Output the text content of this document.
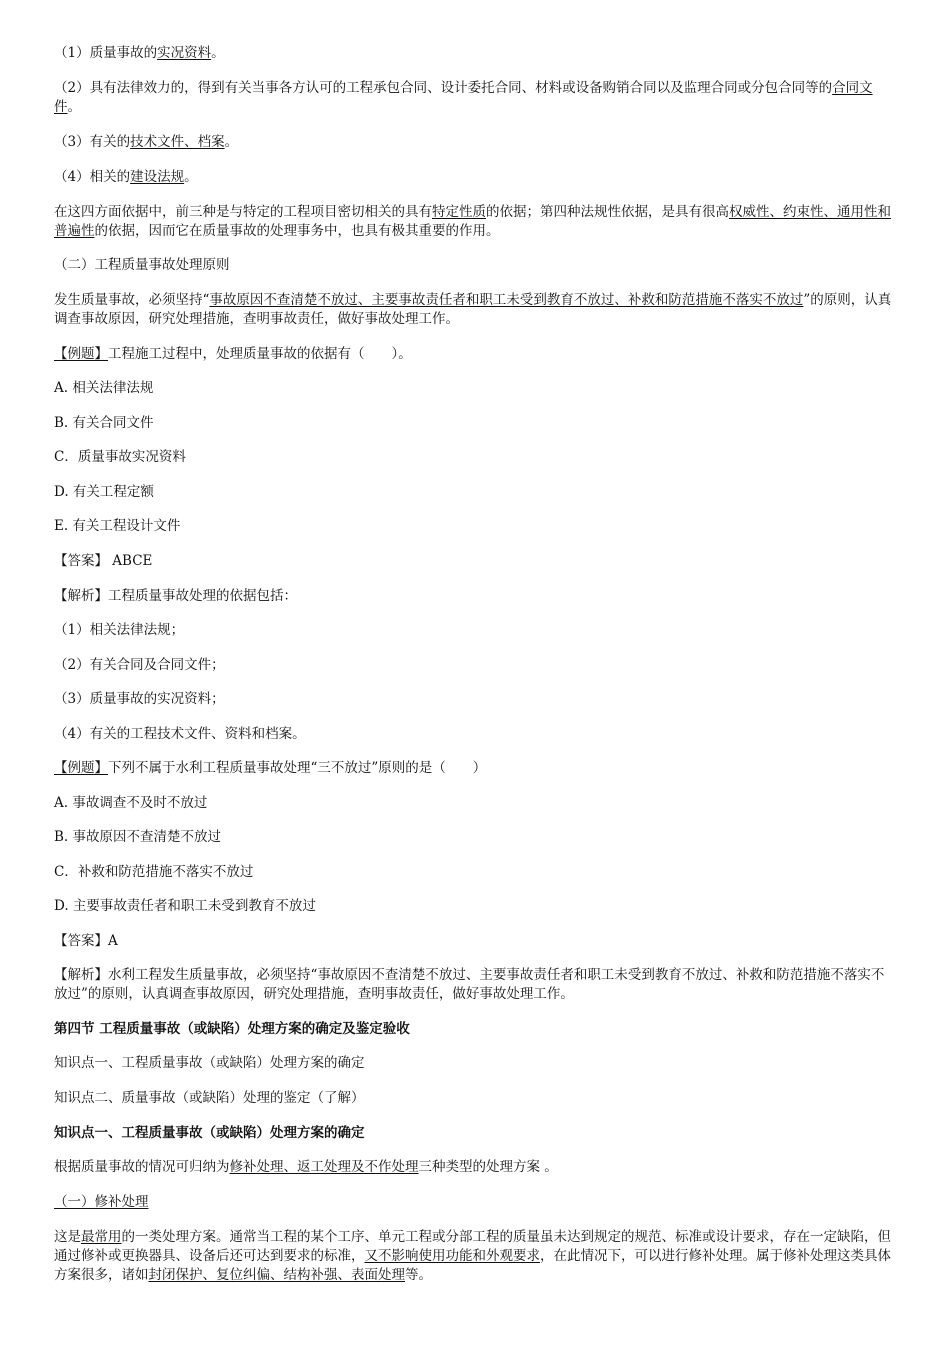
（1）质量事故的实况资料。

（2）具有法律效力的，得到有关当事各方认可的工程承包合同、设计委托合同、材料或设备购销合同以及监理合同或分包合同等的合同文件。

（3）有关的技术文件、档案。

（4）相关的建设法规。

在这四方面依据中，前三种是与特定的工程项目密切相关的具有特定性质的依据；第四种法规性依据，是具有很高权威性、约束性、通用性和普遍性的依据，因而它在质量事故的处理事务中，也具有极其重要的作用。

（二）工程质量事故处理原则

发生质量事故，必须坚持“事故原因不查清楚不放过、主要事故责任者和职工未受到教育不放过、补救和防范措施不落实不放过”的原则，认真调查事故原因，研究处理措施，查明事故责任，做好事故处理工作。

【例题】工程施工过程中，处理质量事故的依据有（　　）。

A. 相关法律法规

B. 有关合同文件

C．质量事故实况资料

D. 有关工程定额

E. 有关工程设计文件

【答案】 ABCE

【解析】工程质量事故处理的依据包括：

（1）相关法律法规；

（2）有关合同及合同文件；

（3）质量事故的实况资料；

（4）有关的工程技术文件、资料和档案。

【例题】下列不属于水利工程质量事故处理“三不放过”原则的是（　　）

A. 事故调查不及时不放过

B. 事故原因不查清楚不放过

C．补救和防范措施不落实不放过

D. 主要事故责任者和职工未受到教育不放过

【答案】A

【解析】水利工程发生质量事故，必须坚持“事故原因不查清楚不放过、主要事故责任者和职工未受到教育不放过、补救和防范措施不落实不放过”的原则，认真调查事故原因，研究处理措施，查明事故责任，做好事故处理工作。

第四节 工程质量事故（或缺陷）处理方案的确定及鉴定验收

知识点一、工程质量事故（或缺陷）处理方案的确定

知识点二、质量事故（或缺陷）处理的鉴定（了解）

知识点一、工程质量事故（或缺陷）处理方案的确定

根据质量事故的情况可归纳为修补处理、返工处理及不作处理三种类型的处理方案 。

（一）修补处理

这是最常用的一类处理方案。通常当工程的某个工序、单元工程或分部工程的质量虽未达到规定的规范、标准或设计要求，存在一定缺陷，但通过修补或更换器具、设备后还可达到要求的标准，又不影响使用功能和外观要求，在此情况下，可以进行修补处理。属于修补处理这类具体方案很多，诸如封闭保护、复位纠偏、结构补强、表面处理等。
